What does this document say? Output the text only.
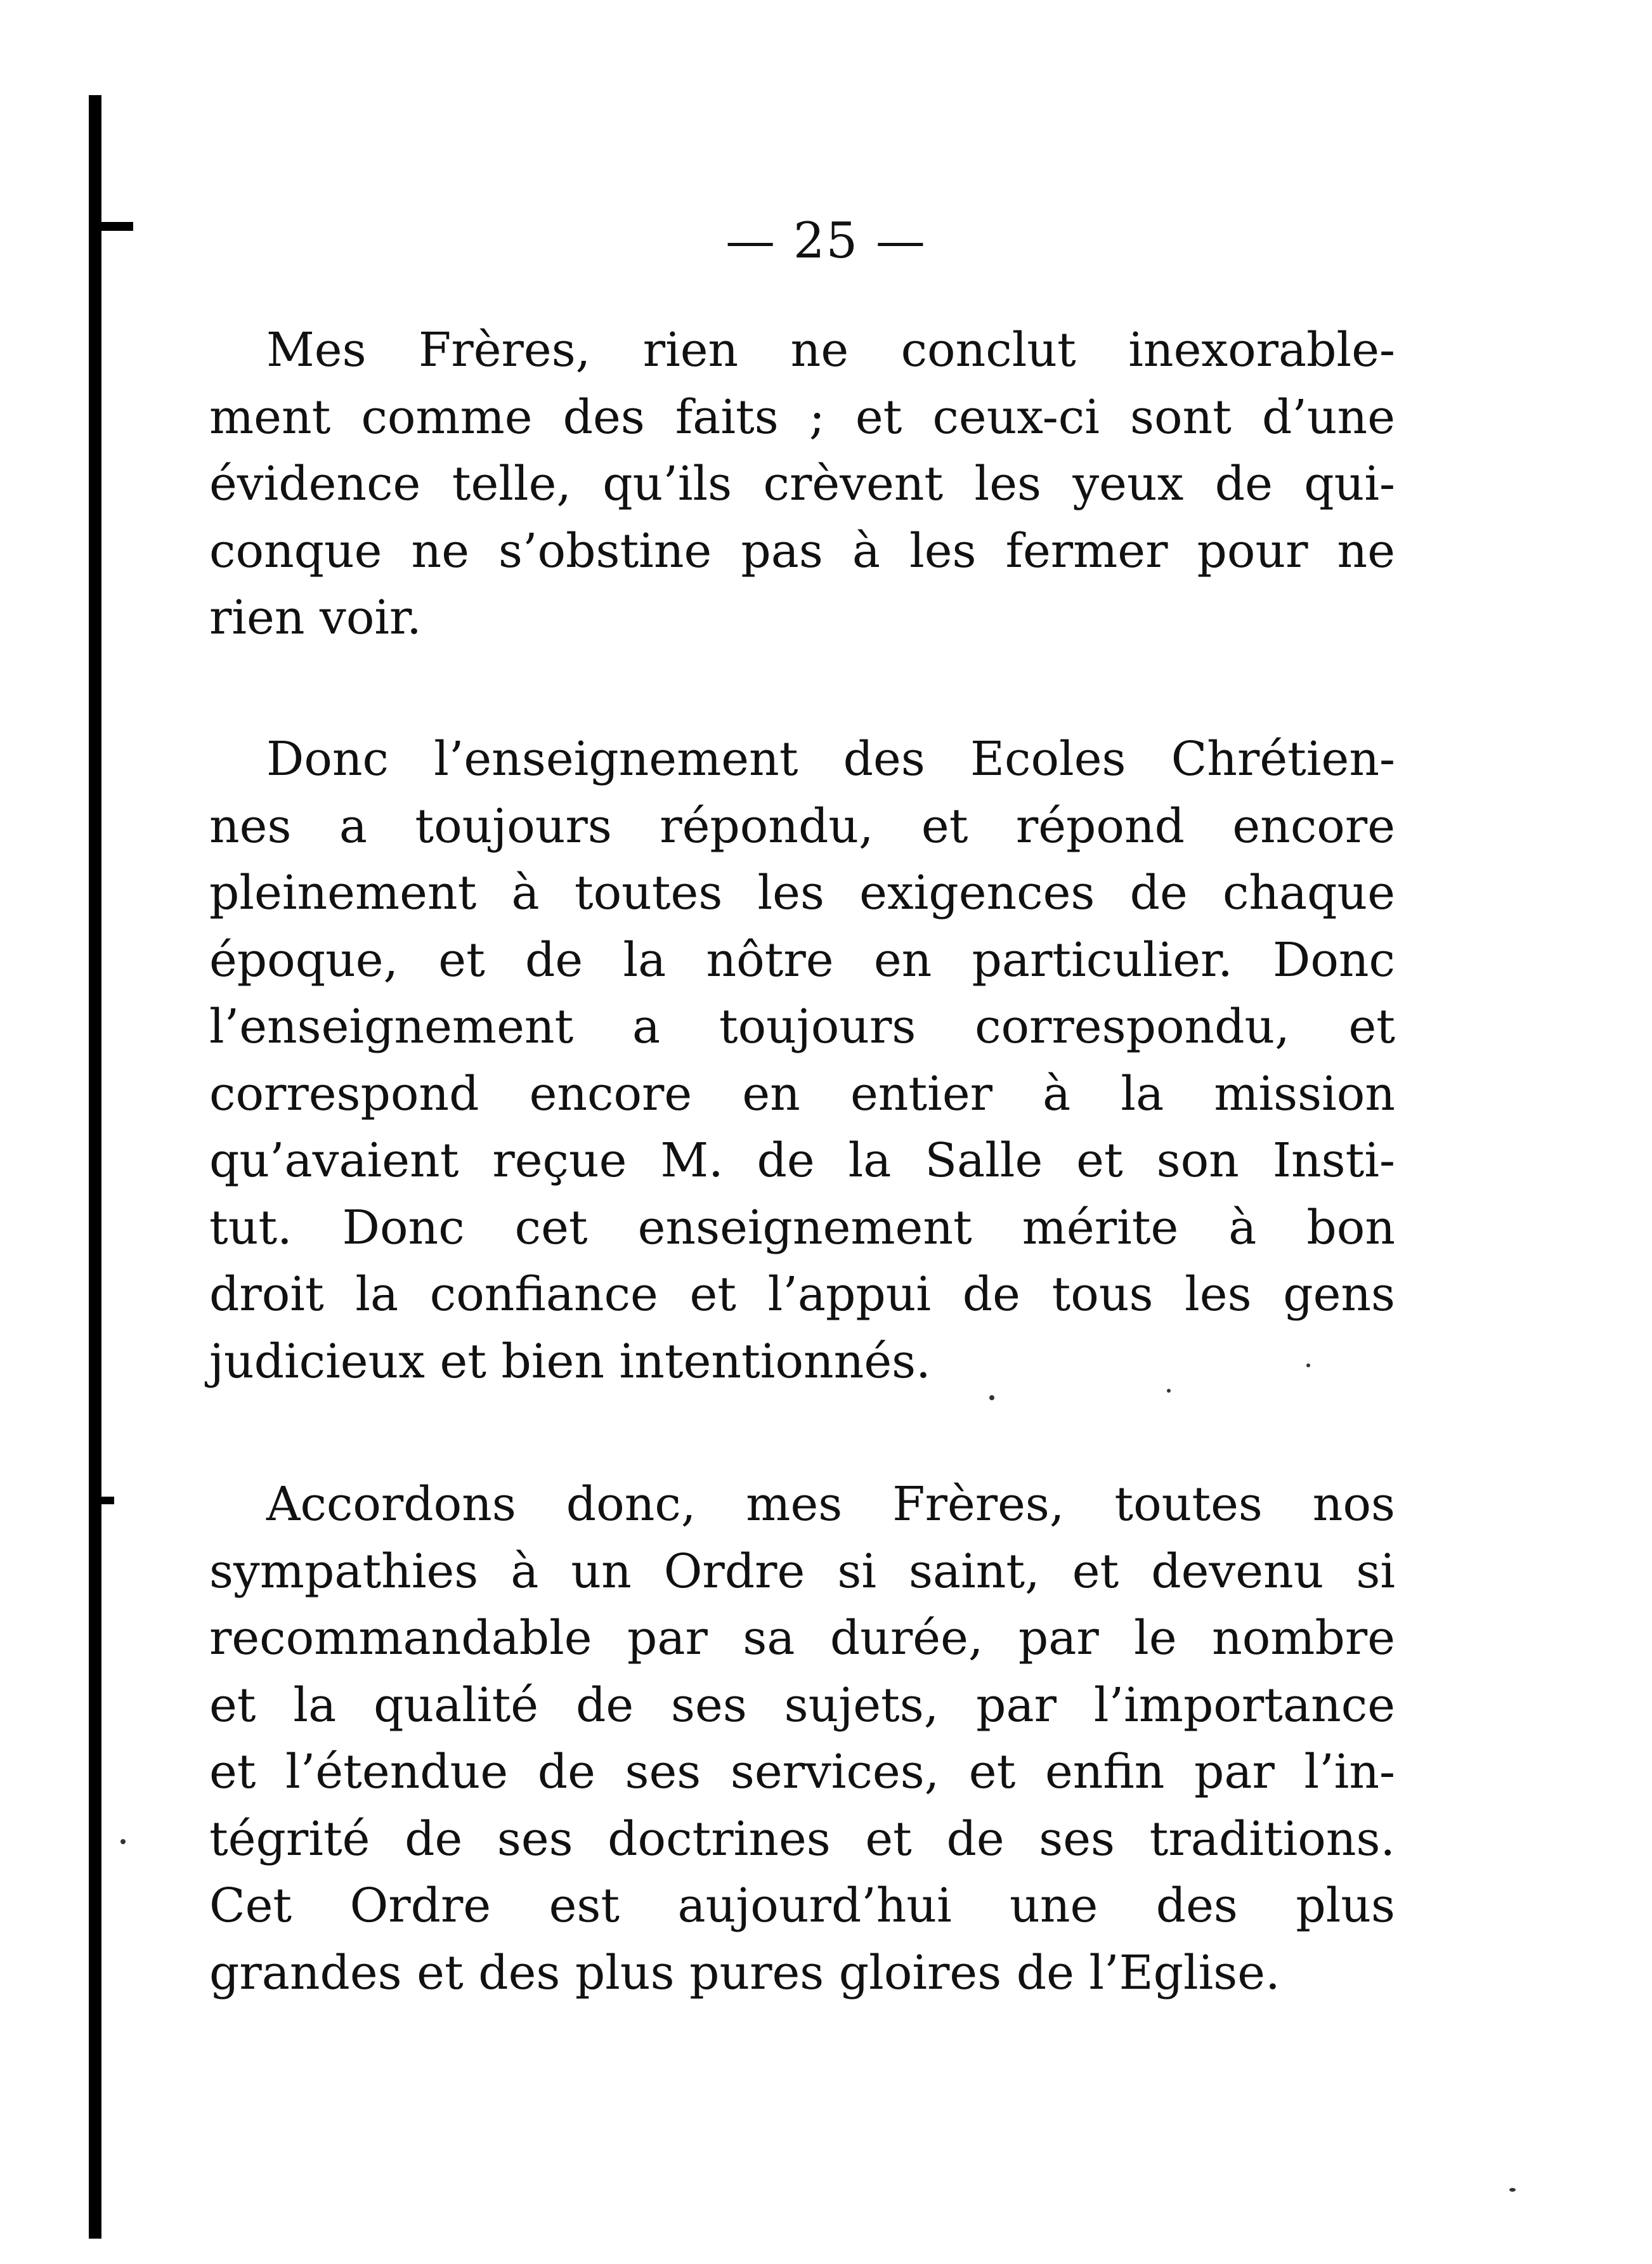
— 25 —
Mes Frères, rien ne conclut inexorable-
ment comme des faits ; et ceux-ci sont d’une
évidence telle, qu’ils crèvent les yeux de qui-
conque ne s’obstine pas à les fermer pour ne
rien voir.
Donc l’enseignement des Ecoles Chrétien-
nes a toujours répondu, et répond encore
pleinement à toutes les exigences de chaque
époque, et de la nôtre en particulier. Donc
l’enseignement a toujours correspondu, et
correspond encore en entier à la mission
qu’avaient reçue M. de la Salle et son Insti-
tut. Donc cet enseignement mérite à bon
droit la confiance et l’appui de tous les gens
judicieux et bien intentionnés.
Accordons donc, mes Frères, toutes nos
sympathies à un Ordre si saint, et devenu si
recommandable par sa durée, par le nombre
et la qualité de ses sujets, par l’importance
et l’étendue de ses services, et enfin par l’in-
tégrité de ses doctrines et de ses traditions.
Cet Ordre est aujourd’hui une des plus
grandes et des plus pures gloires de l’Eglise.
